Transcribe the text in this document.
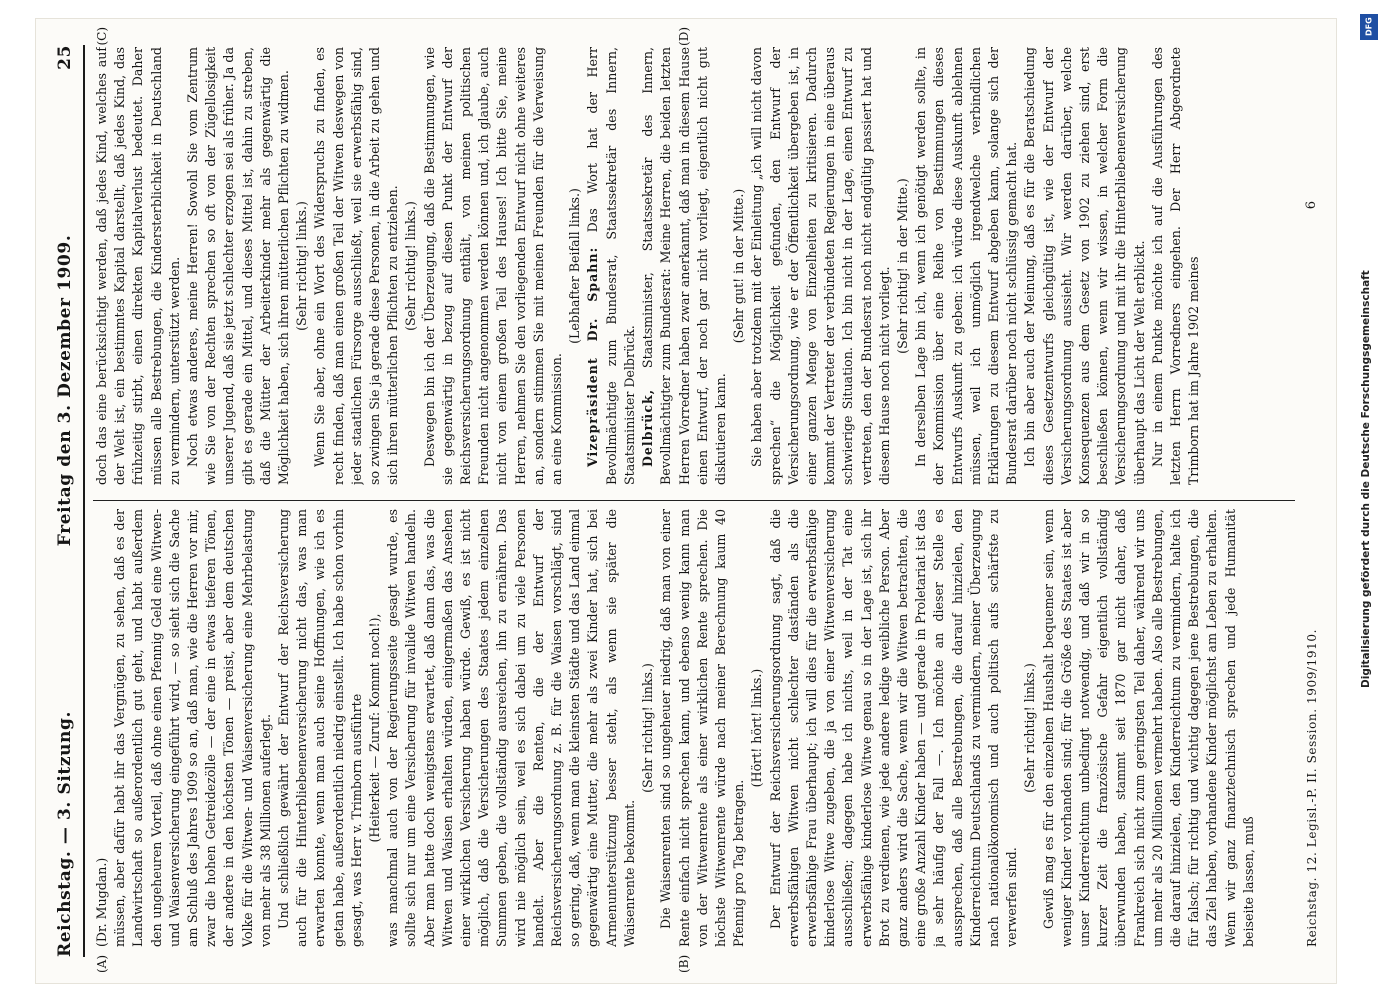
Reichstag. — 3. Sitzung.
Freitag den 3. Dezember 1909.
25
(A)	(B)
(C)	(D)

(Dr. Mugdan.) müssen, aber dafür habt ihr das Vergnügen, zu sehen, daß es der Landwirtschaft so außerordentlich gut geht, und habt außerdem den ungeheuren Vorteil, daß ohne einen Pfennig Geld eine Witwen- und Waisenversicherung eingeführt wird, — so sieht sich die Sache am Schluß des Jahres 1909 so an, daß man, wie die Herren vor mir, zwar die hohen Getreidezölle — der eine in etwas tieferen Tönen, der andere in den höchsten Tönen — preist, aber dem deutschen Volke für die Witwen- und Waisenversicherung eine Mehrbelastung von mehr als 38 Millionen auferlegt. Und schließlich gewährt der Entwurf der Reichsversicherung auch für die Hinterbliebenenversicherung nicht das, was man erwarten konnte, wenn man auch seine Hoffnungen, wie ich es getan habe, außerordentlich niedrig einstellt. Ich habe schon vorhin gesagt, was Herr v. Trimborn ausführte (Heiterkeit — Zuruf: Kommt noch!), was manchmal auch von der Regierungsseite gesagt wurde, es sollte sich nur um eine Versicherung für invalide Witwen handeln. Aber man hatte doch wenigstens erwartet, daß dann das, was die Witwen und Waisen erhalten würden, einigermaßen das Ansehen einer wirklichen Versicherung haben würde. Gewiß, es ist nicht möglich, daß die Versicherungen des Staates jedem einzelnen Summen geben, die vollständig ausreichen, ihn zu ernähren. Das wird nie möglich sein, weil es sich dabei um zu viele Personen handelt. Aber die Renten, die der Entwurf der Reichsversicherungsordnung z. B. für die Waisen vorschlägt, sind so gering, daß, wenn man die kleinsten Städte und das Land einmal gegenwärtig eine Mutter, die mehr als zwei Kinder hat, sich bei Armenunterstützung besser steht, als wenn sie später die Waisenrente bekommt.

(Sehr richtig! links.) Die Waisenrenten sind so ungeheuer niedrig, daß man von einer Rente einfach nicht sprechen kann, und ebenso wenig kann man von der Witwenrente als einer wirklichen Rente sprechen. Die höchste Witwenrente würde nach meiner Berechnung kaum 40 Pfennig pro Tag betragen.

(Hört! hört! links.) Der Entwurf der Reichsversicherungsordnung sagt, daß die erwerbsfähigen Witwen nicht schlechter daständen als die erwerbsfähige Frau überhaupt; ich will dies für die erwerbsfähige kinderlose Witwe zugeben, die ja von einer Witwenversicherung ausschließen; dagegen habe ich nichts, weil in der Tat eine erwerbsfähige kinderlose Witwe genau so in der Lage ist, sich ihr Brot zu verdienen, wie jede andere ledige weibliche Person. Aber ganz anders wird die Sache, wenn wir die Witwen betrachten, die eine große Anzahl Kinder haben — und gerade in Proletariat ist das ja sehr häufig der Fall —. Ich möchte an dieser Stelle es aussprechen, daß alle Bestrebungen, die darauf hinzielen, den Kinderreichtum Deutschlands zu vermindern, meiner Überzeugung nach nationalökonomisch und auch politisch aufs schärfste zu verwerfen sind.

(Sehr richtig! links.) Gewiß mag es für den einzelnen Haushalt bequemer sein, wenn weniger Kinder vorhanden sind; für die Größe des Staates ist aber unser Kinderreichtum unbedingt notwendig, und daß wir in so kurzer Zeit die französische Gefahr eigentlich vollständig überwunden haben, stammt seit 1870 gar nicht daher, daß Frankreich sich nicht zum geringsten Teil daher, während wir uns um mehr als 20 Millionen vermehrt haben. Also alle Bestrebungen, die darauf hinzielen, den Kinderreichtum zu vermindern, halte ich für falsch; für richtig und wichtig dagegen jene Bestrebungen, die das Ziel haben, vorhandene Kinder möglichst am Leben zu erhalten. Wenn wir ganz finanztechnisch sprechen und jede Humanität beiseite lassen, muß

doch das eine berücksichtigt werden, daß jedes Kind, welches auf der Welt ist, ein bestimmtes Kapital darstellt, daß jedes Kind, das frühzeitig stirbt, einen direkten Kapitalverlust bedeutet. Daher müssen alle Bestrebungen, die Kindersterblichkeit in Deutschland zu vermindern, unterstützt werden. Noch etwas anderes, meine Herren! Sowohl Sie vom Zentrum wie Sie von der Rechten sprechen so oft von der Zügellosigkeit unserer Jugend, daß sie jetzt schlechter erzogen sei als früher. Ja da gibt es gerade ein Mittel, und dieses Mittel ist, dahin zu streben, daß die Mütter der Arbeiterkinder mehr als gegenwärtig die Möglichkeit haben, sich ihren mütterlichen Pflichten zu widmen. (Sehr richtig! links.) Wenn Sie aber, ohne ein Wort des Widerspruchs zu finden, es recht finden, daß man einen großen Teil der Witwen deswegen von jeder staatlichen Fürsorge ausschließt, weil sie erwerbsfähig sind, so zwingen Sie ja gerade diese Personen, in die Arbeit zu gehen und sich ihren mütterlichen Pflichten zu entziehen. (Sehr richtig! links.) Deswegen bin ich der Überzeugung, daß die Bestimmungen, wie sie gegenwärtig in bezug auf diesen Punkt der Entwurf der Reichsversicherungsordnung enthält, von meinen politischen Freunden nicht angenommen werden können und, ich glaube, auch nicht von einem großen Teil des Hauses! Ich bitte Sie, meine Herren, nehmen Sie den vorliegenden Entwurf nicht ohne weiteres an, sondern stimmen Sie mit meinen Freunden für die Verweisung an eine Kommission.

(Lebhafter Beifall links.) Vizepräsident Dr. Spahn: Das Wort hat der Herr Bevollmächtigte zum Bundesrat, Staatssekretär des Innern, Staatsminister Delbrück. Delbrück, Staatsminister, Staatssekretär des Innern, Bevollmächtigter zum Bundesrat: Meine Herren, die beiden letzten Herren Vorredner haben zwar anerkannt, daß man in diesem Hause einen Entwurf, der noch gar nicht vorliegt, eigentlich nicht gut diskutieren kann.

(Sehr gut! in der Mitte.) Sie haben aber trotzdem mit der Einleitung „ich will nicht davon sprechen“ die Möglichkeit gefunden, den Entwurf der Versicherungsordnung, wie er der Öffentlichkeit übergeben ist, in einer ganzen Menge von Einzelheiten zu kritisieren. Dadurch kommt der Vertreter der verbündeten Regierungen in eine überaus schwierige Situation. Ich bin nicht in der Lage, einen Entwurf zu vertreten, den der Bundesrat noch nicht endgültig passiert hat und diesem Hause noch nicht vorliegt.

(Sehr richtig! in der Mitte.) In derselben Lage bin ich, wenn ich genötigt werden sollte, in der Kommission über eine Reihe von Bestimmungen dieses Entwurfs Auskunft zu geben: ich würde diese Auskunft ablehnen müssen, weil ich unmöglich irgendwelche verbindlichen Erklärungen zu diesem Entwurf abgeben kann, solange sich der Bundesrat darüber noch nicht schlüssig gemacht hat. Ich bin aber auch der Meinung, daß es für die Beratschiedung dieses Gesetzentwurfs gleichgültig ist, wie der Entwurf der Versicherungsordnung aussieht. Wir werden darüber, welche Konsequenzen aus dem Gesetz von 1902 zu ziehen sind, erst beschließen können, wenn wir wissen, in welcher Form die Versicherungsordnung und mit ihr die Hinterbliebenenversicherung überhaupt das Licht der Welt erblickt. Nur in einem Punkte möchte ich auf die Ausführungen des letzten Herrn Vorredners eingehen. Der Herr Abgeordnete Trimborn hat im Jahre 1902 meines

Reichstag. 12. Legisl.-P. II. Session. 1909/1910.
6
DFG
Digitalisierung gefördert durch die Deutsche Forschungsgemeinschaft
